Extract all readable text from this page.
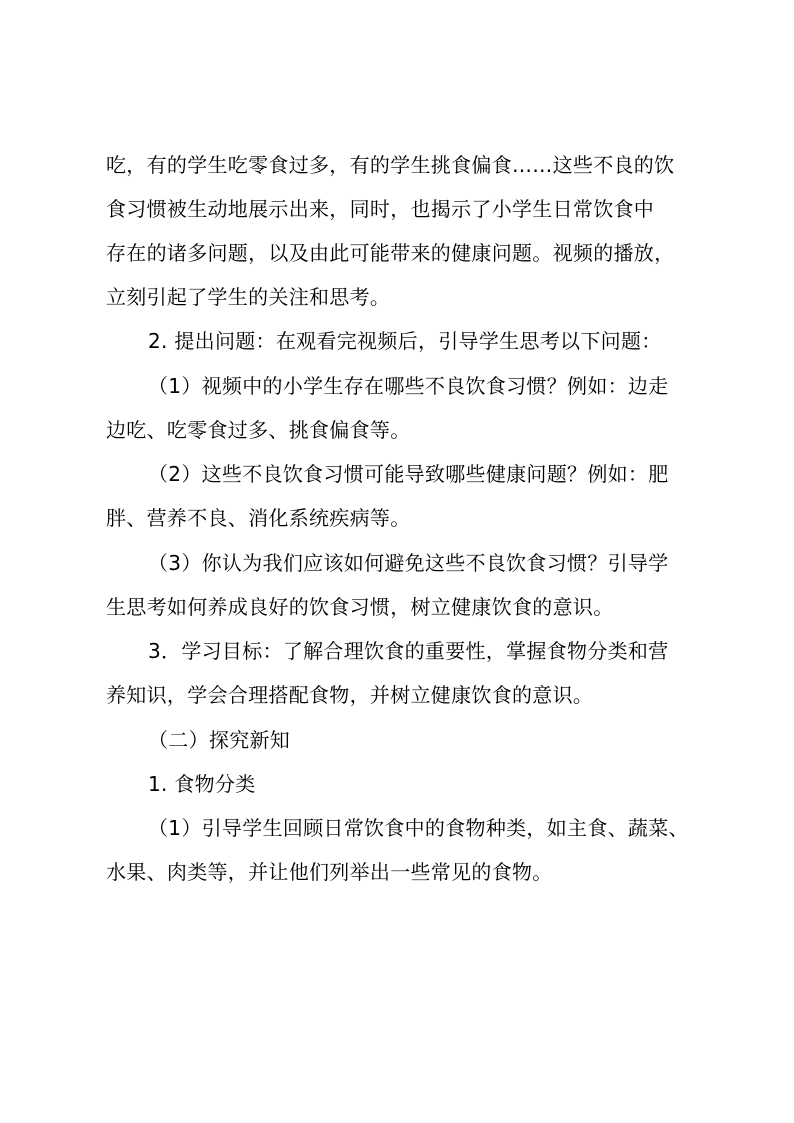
吃，有的学生吃零食过多，有的学生挑食偏食……这些不良的饮
食习惯被生动地展示出来，同时，也揭示了小学生日常饮食中
存在的诸多问题，以及由此可能带来的健康问题。视频的播放，
立刻引起了学生的关注和思考。
2. 提出问题：在观看完视频后，引导学生思考以下问题：
（1）视频中的小学生存在哪些不良饮食习惯？例如：边走
边吃、吃零食过多、挑食偏食等。
（2）这些不良饮食习惯可能导致哪些健康问题？例如：肥
胖、营养不良、消化系统疾病等。
（3）你认为我们应该如何避免这些不良饮食习惯？引导学
生思考如何养成良好的饮食习惯，树立健康饮食的意识。
3．学习目标：了解合理饮食的重要性，掌握食物分类和营
养知识，学会合理搭配食物，并树立健康饮食的意识。
（二）探究新知
1. 食物分类
（1）引导学生回顾日常饮食中的食物种类，如主食、蔬菜、
水果、肉类等，并让他们列举出一些常见的食物。
